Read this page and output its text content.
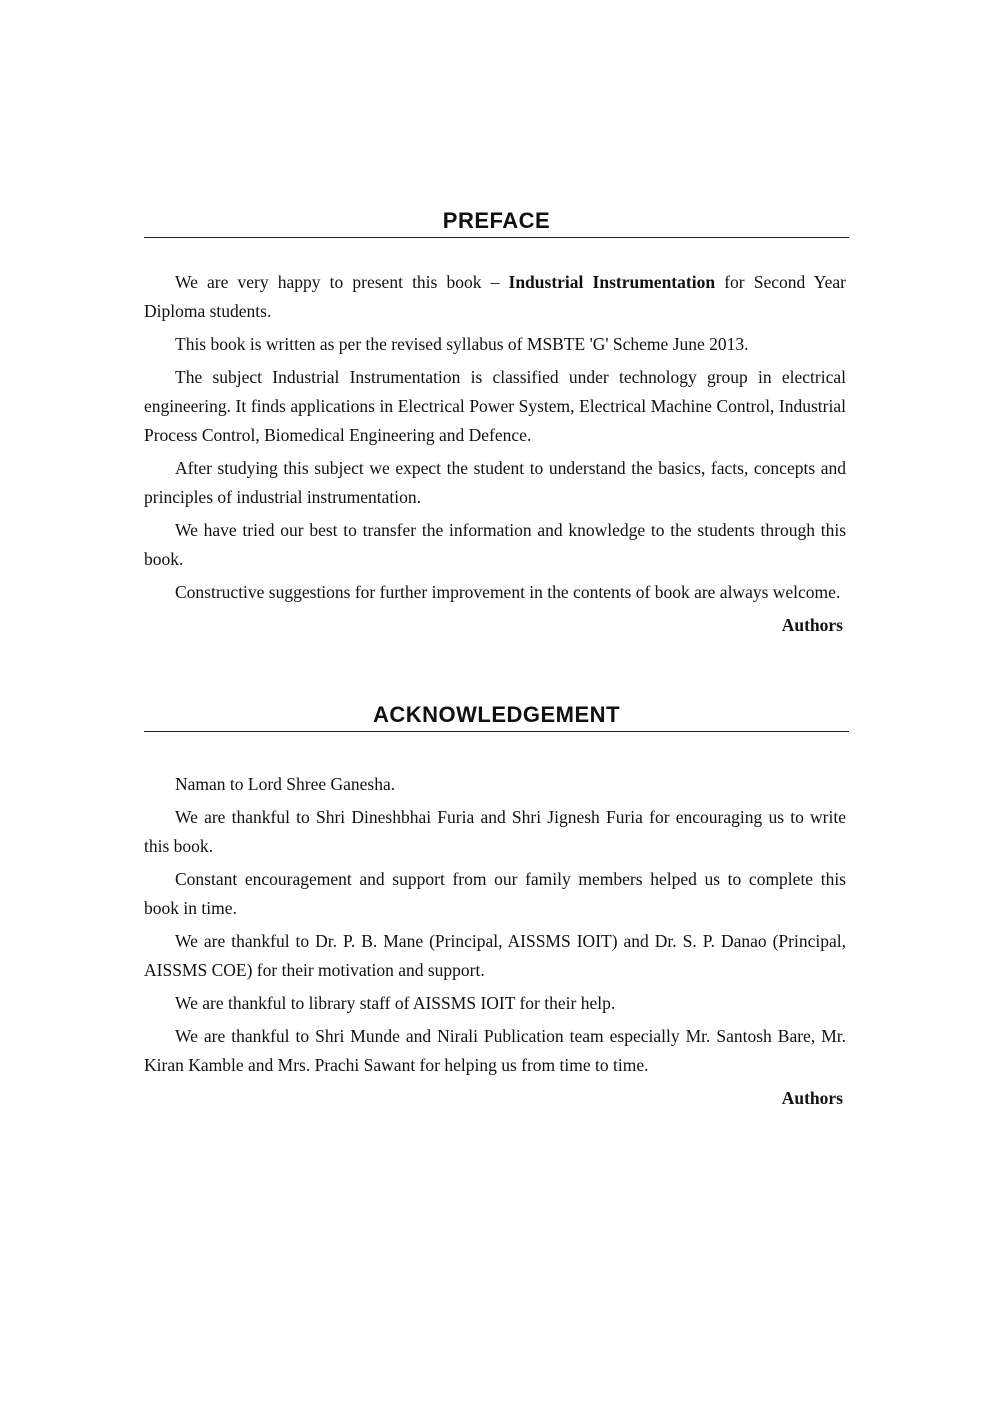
PREFACE

We are very happy to present this book – Industrial Instrumentation for Second Year Diploma students.

This book is written as per the revised syllabus of MSBTE 'G' Scheme June 2013.

The subject Industrial Instrumentation is classified under technology group in electrical engineering. It finds applications in Electrical Power System, Electrical Machine Control, Industrial Process Control, Biomedical Engineering and Defence.

After studying this subject we expect the student to understand the basics, facts, concepts and principles of industrial instrumentation.

We have tried our best to transfer the information and knowledge to the students through this book.

Constructive suggestions for further improvement in the contents of book are always welcome.

Authors
ACKNOWLEDGEMENT

Naman to Lord Shree Ganesha.

We are thankful to Shri Dineshbhai Furia and Shri Jignesh Furia for encouraging us to write this book.

Constant encouragement and support from our family members helped us to complete this book in time.

We are thankful to Dr. P. B. Mane (Principal, AISSMS IOIT) and Dr. S. P. Danao (Principal, AISSMS COE) for their motivation and support.

We are thankful to library staff of AISSMS IOIT for their help.

We are thankful to Shri Munde and Nirali Publication team especially Mr. Santosh Bare, Mr. Kiran Kamble and Mrs. Prachi Sawant for helping us from time to time.

Authors
